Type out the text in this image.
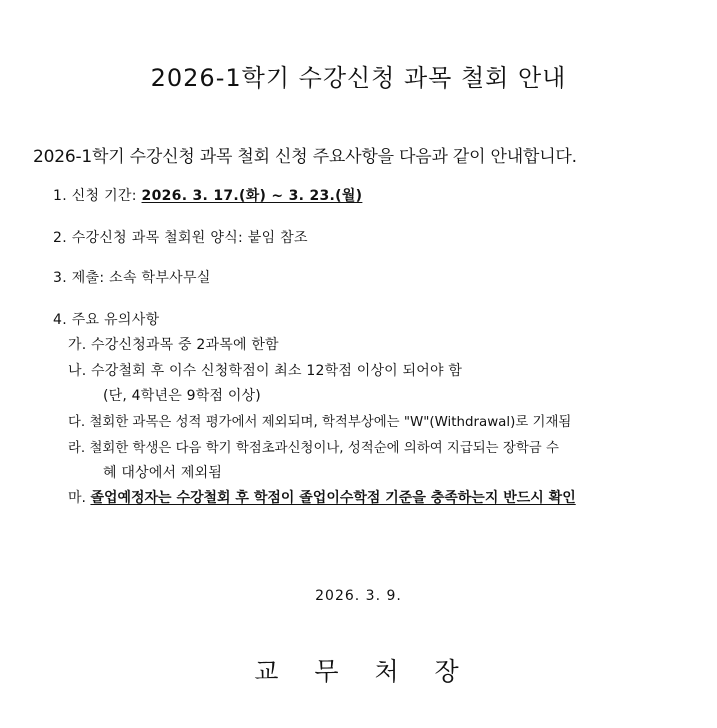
2026-1학기 수강신청 과목 철회 안내
2026-1학기 수강신청 과목 철회 신청 주요사항을 다음과 같이 안내합니다.
1. 신청 기간: 2026. 3. 17.(화) ~ 3. 23.(월)
2. 수강신청 과목 철회원 양식: 붙임 참조
3. 제출: 소속 학부사무실
4. 주요 유의사항
가. 수강신청과목 중 2과목에 한함
나. 수강철회 후 이수 신청학점이 최소 12학점 이상이 되어야 함
(단, 4학년은 9학점 이상)
다. 철회한 과목은 성적 평가에서 제외되며, 학적부상에는 "W"(Withdrawal)로 기재됨
라. 철회한 학생은 다음 학기 학점초과신청이나, 성적순에 의하여 지급되는 장학금 수
혜 대상에서 제외됨
마. 졸업예정자는 수강철회 후 학점이 졸업이수학점 기준을 충족하는지 반드시 확인
2026. 3. 9.
교 무 처 장
